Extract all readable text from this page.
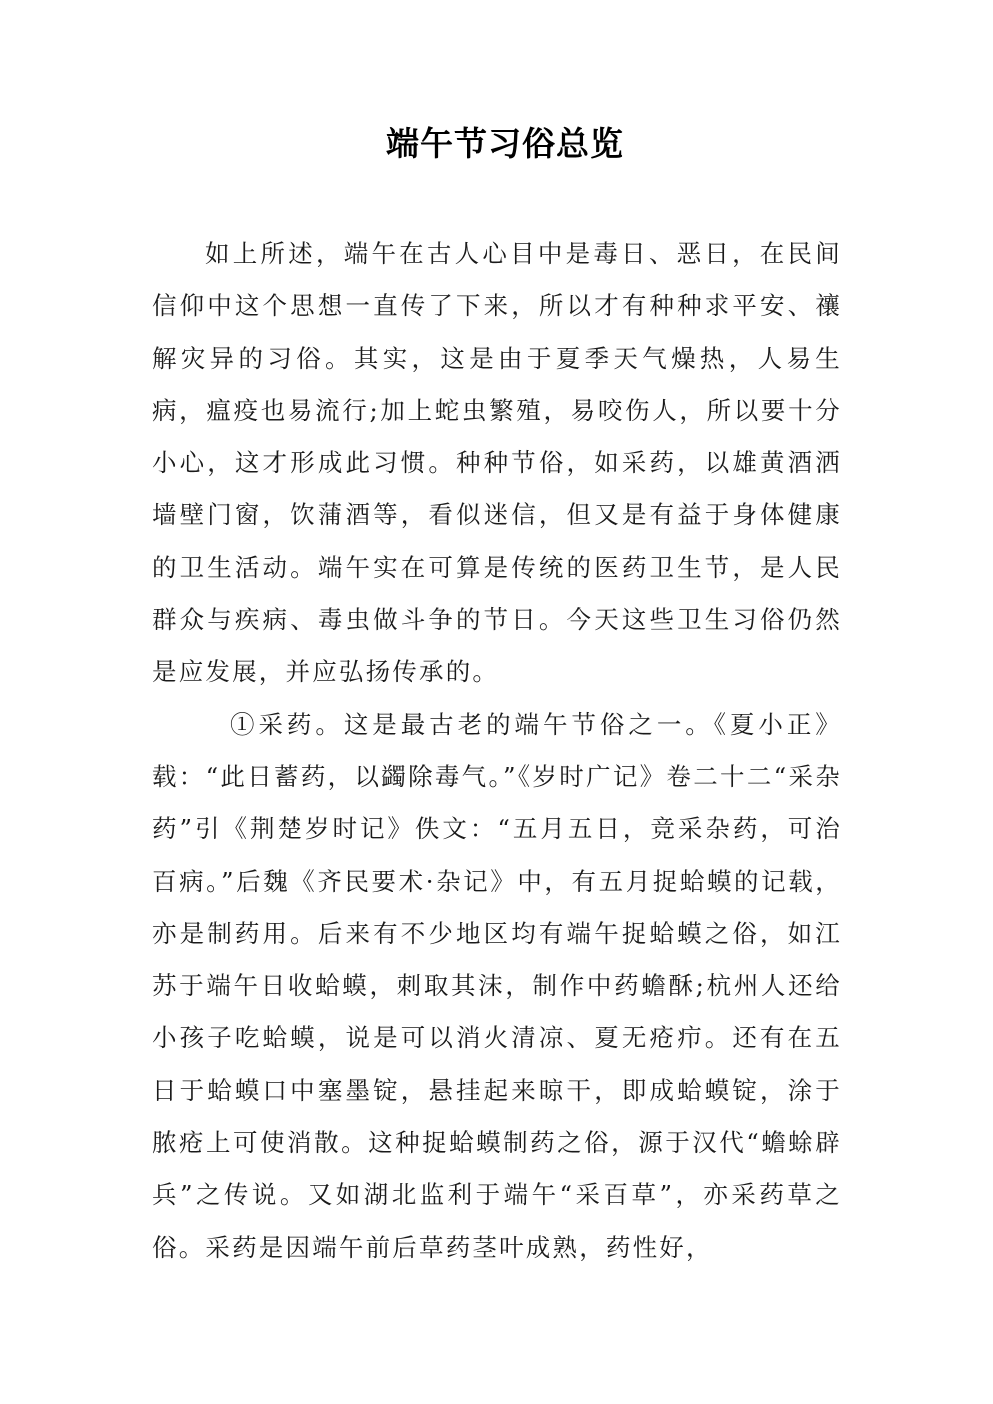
端午节习俗总览

如上所述，端午在古人心目中是毒日、恶日，在民间信仰中这个思想一直传了下来，所以才有种种求平安、禳解灾异的习俗。其实，这是由于夏季天气燥热，人易生病，瘟疫也易流行;加上蛇虫繁殖，易咬伤人，所以要十分小心，这才形成此习惯。种种节俗，如采药，以雄黄酒洒墙壁门窗，饮蒲酒等，看似迷信，但又是有益于身体健康的卫生活动。端午实在可算是传统的医药卫生节，是人民群众与疾病、毒虫做斗争的节日。今天这些卫生习俗仍然是应发展，并应弘扬传承的。

①采药。这是最古老的端午节俗之一。《夏小正》载：“此日蓄药，以蠲除毒气。”《岁时广记》卷二十二“采杂药”引《荆楚岁时记》佚文：“五月五日，竞采杂药，可治百病。”后魏《齐民要术·杂记》中，有五月捉蛤蟆的记载，亦是制药用。后来有不少地区均有端午捉蛤蟆之俗，如江苏于端午日收蛤蟆，刺取其沫，制作中药蟾酥;杭州人还给小孩子吃蛤蟆，说是可以消火清凉、夏无疮疖。还有在五日于蛤蟆口中塞墨锭，悬挂起来晾干，即成蛤蟆锭，涂于脓疮上可使消散。这种捉蛤蟆制药之俗，源于汉代“蟾蜍辟兵”之传说。又如湖北监利于端午“采百草”，亦采药草之俗。采药是因端午前后草药茎叶成熟，药性好，
